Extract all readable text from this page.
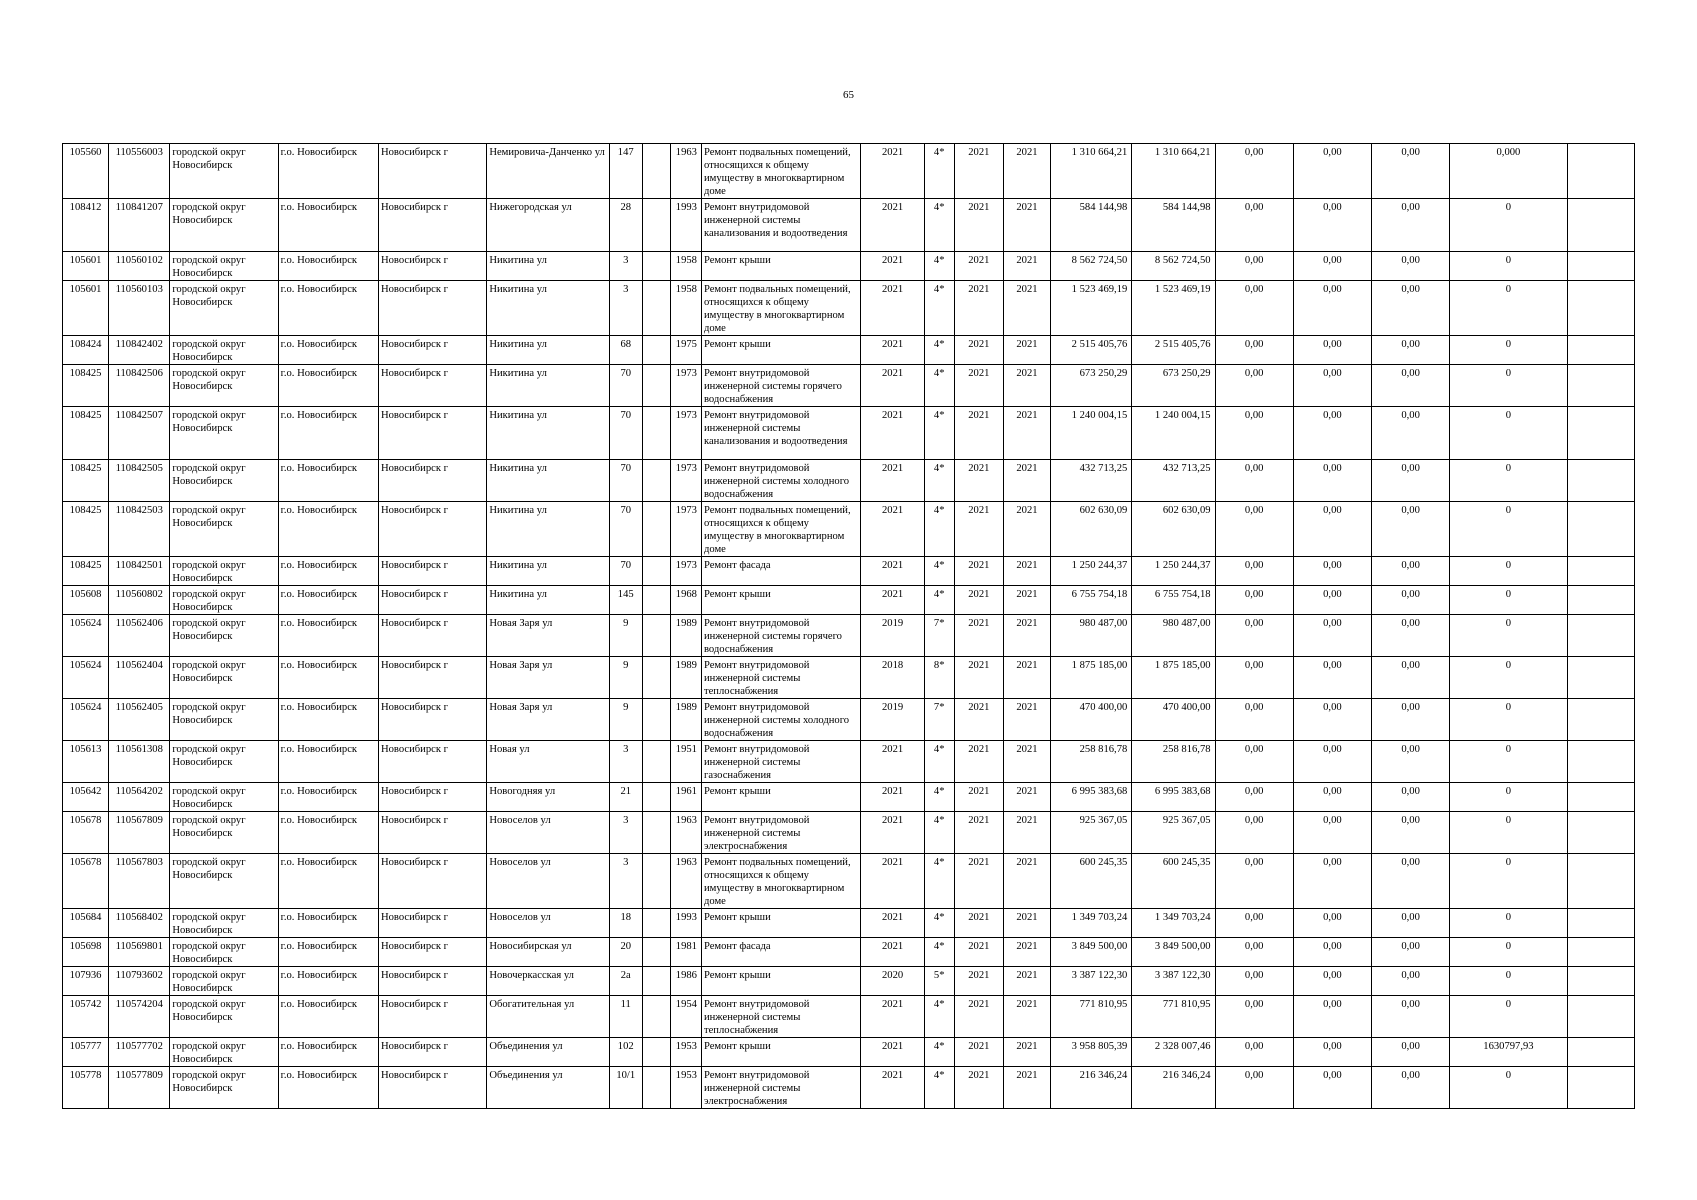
65
105560	110556003	городской округ Новосибирск	г.о. Новосибирск	Новосибирск г	Немировича-Данченко ул	147		1963	Ремонт подвальных помещений, относящихся к общему имуществу в многоквартирном доме	2021	4*	2021	2021	1 310 664,21	1 310 664,21	0,00	0,00	0,00	0,000	
108412	110841207	городской округ Новосибирск	г.о. Новосибирск	Новосибирск г	Нижегородская ул	28		1993	Ремонт внутридомовой инженерной системы канализования и водоотведения	2021	4*	2021	2021	584 144,98	584 144,98	0,00	0,00	0,00	0	
105601	110560102	городской округ Новосибирск	г.о. Новосибирск	Новосибирск г	Никитина ул	3		1958	Ремонт крыши	2021	4*	2021	2021	8 562 724,50	8 562 724,50	0,00	0,00	0,00	0	
105601	110560103	городской округ Новосибирск	г.о. Новосибирск	Новосибирск г	Никитина ул	3		1958	Ремонт подвальных помещений, относящихся к общему имуществу в многоквартирном доме	2021	4*	2021	2021	1 523 469,19	1 523 469,19	0,00	0,00	0,00	0	
108424	110842402	городской округ Новосибирск	г.о. Новосибирск	Новосибирск г	Никитина ул	68		1975	Ремонт крыши	2021	4*	2021	2021	2 515 405,76	2 515 405,76	0,00	0,00	0,00	0	
108425	110842506	городской округ Новосибирск	г.о. Новосибирск	Новосибирск г	Никитина ул	70		1973	Ремонт внутридомовой инженерной системы горячего водоснабжения	2021	4*	2021	2021	673 250,29	673 250,29	0,00	0,00	0,00	0	
108425	110842507	городской округ Новосибирск	г.о. Новосибирск	Новосибирск г	Никитина ул	70		1973	Ремонт внутридомовой инженерной системы канализования и водоотведения	2021	4*	2021	2021	1 240 004,15	1 240 004,15	0,00	0,00	0,00	0	
108425	110842505	городской округ Новосибирск	г.о. Новосибирск	Новосибирск г	Никитина ул	70		1973	Ремонт внутридомовой инженерной системы холодного водоснабжения	2021	4*	2021	2021	432 713,25	432 713,25	0,00	0,00	0,00	0	
108425	110842503	городской округ Новосибирск	г.о. Новосибирск	Новосибирск г	Никитина ул	70		1973	Ремонт подвальных помещений, относящихся к общему имуществу в многоквартирном доме	2021	4*	2021	2021	602 630,09	602 630,09	0,00	0,00	0,00	0	
108425	110842501	городской округ Новосибирск	г.о. Новосибирск	Новосибирск г	Никитина ул	70		1973	Ремонт фасада	2021	4*	2021	2021	1 250 244,37	1 250 244,37	0,00	0,00	0,00	0	
105608	110560802	городской округ Новосибирск	г.о. Новосибирск	Новосибирск г	Никитина ул	145		1968	Ремонт крыши	2021	4*	2021	2021	6 755 754,18	6 755 754,18	0,00	0,00	0,00	0	
105624	110562406	городской округ Новосибирск	г.о. Новосибирск	Новосибирск г	Новая Заря ул	9		1989	Ремонт внутридомовой инженерной системы горячего водоснабжения	2019	7*	2021	2021	980 487,00	980 487,00	0,00	0,00	0,00	0	
105624	110562404	городской округ Новосибирск	г.о. Новосибирск	Новосибирск г	Новая Заря ул	9		1989	Ремонт внутридомовой инженерной системы теплоснабжения	2018	8*	2021	2021	1 875 185,00	1 875 185,00	0,00	0,00	0,00	0	
105624	110562405	городской округ Новосибирск	г.о. Новосибирск	Новосибирск г	Новая Заря ул	9		1989	Ремонт внутридомовой инженерной системы холодного водоснабжения	2019	7*	2021	2021	470 400,00	470 400,00	0,00	0,00	0,00	0	
105613	110561308	городской округ Новосибирск	г.о. Новосибирск	Новосибирск г	Новая ул	3		1951	Ремонт внутридомовой инженерной системы газоснабжения	2021	4*	2021	2021	258 816,78	258 816,78	0,00	0,00	0,00	0	
105642	110564202	городской округ Новосибирск	г.о. Новосибирск	Новосибирск г	Новогодняя ул	21		1961	Ремонт крыши	2021	4*	2021	2021	6 995 383,68	6 995 383,68	0,00	0,00	0,00	0	
105678	110567809	городской округ Новосибирск	г.о. Новосибирск	Новосибирск г	Новоселов ул	3		1963	Ремонт внутридомовой инженерной системы электроснабжения	2021	4*	2021	2021	925 367,05	925 367,05	0,00	0,00	0,00	0	
105678	110567803	городской округ Новосибирск	г.о. Новосибирск	Новосибирск г	Новоселов ул	3		1963	Ремонт подвальных помещений, относящихся к общему имуществу в многоквартирном доме	2021	4*	2021	2021	600 245,35	600 245,35	0,00	0,00	0,00	0	
105684	110568402	городской округ Новосибирск	г.о. Новосибирск	Новосибирск г	Новоселов ул	18		1993	Ремонт крыши	2021	4*	2021	2021	1 349 703,24	1 349 703,24	0,00	0,00	0,00	0	
105698	110569801	городской округ Новосибирск	г.о. Новосибирск	Новосибирск г	Новосибирская ул	20		1981	Ремонт фасада	2021	4*	2021	2021	3 849 500,00	3 849 500,00	0,00	0,00	0,00	0	
107936	110793602	городской округ Новосибирск	г.о. Новосибирск	Новосибирск г	Новочеркасская ул	2а		1986	Ремонт крыши	2020	5*	2021	2021	3 387 122,30	3 387 122,30	0,00	0,00	0,00	0	
105742	110574204	городской округ Новосибирск	г.о. Новосибирск	Новосибирск г	Обогатительная ул	11		1954	Ремонт внутридомовой инженерной системы теплоснабжения	2021	4*	2021	2021	771 810,95	771 810,95	0,00	0,00	0,00	0	
105777	110577702	городской округ Новосибирск	г.о. Новосибирск	Новосибирск г	Объединения ул	102		1953	Ремонт крыши	2021	4*	2021	2021	3 958 805,39	2 328 007,46	0,00	0,00	0,00	1630797,93	
105778	110577809	городской округ Новосибирск	г.о. Новосибирск	Новосибирск г	Объединения ул	10/1		1953	Ремонт внутридомовой инженерной системы электроснабжения	2021	4*	2021	2021	216 346,24	216 346,24	0,00	0,00	0,00	0	
